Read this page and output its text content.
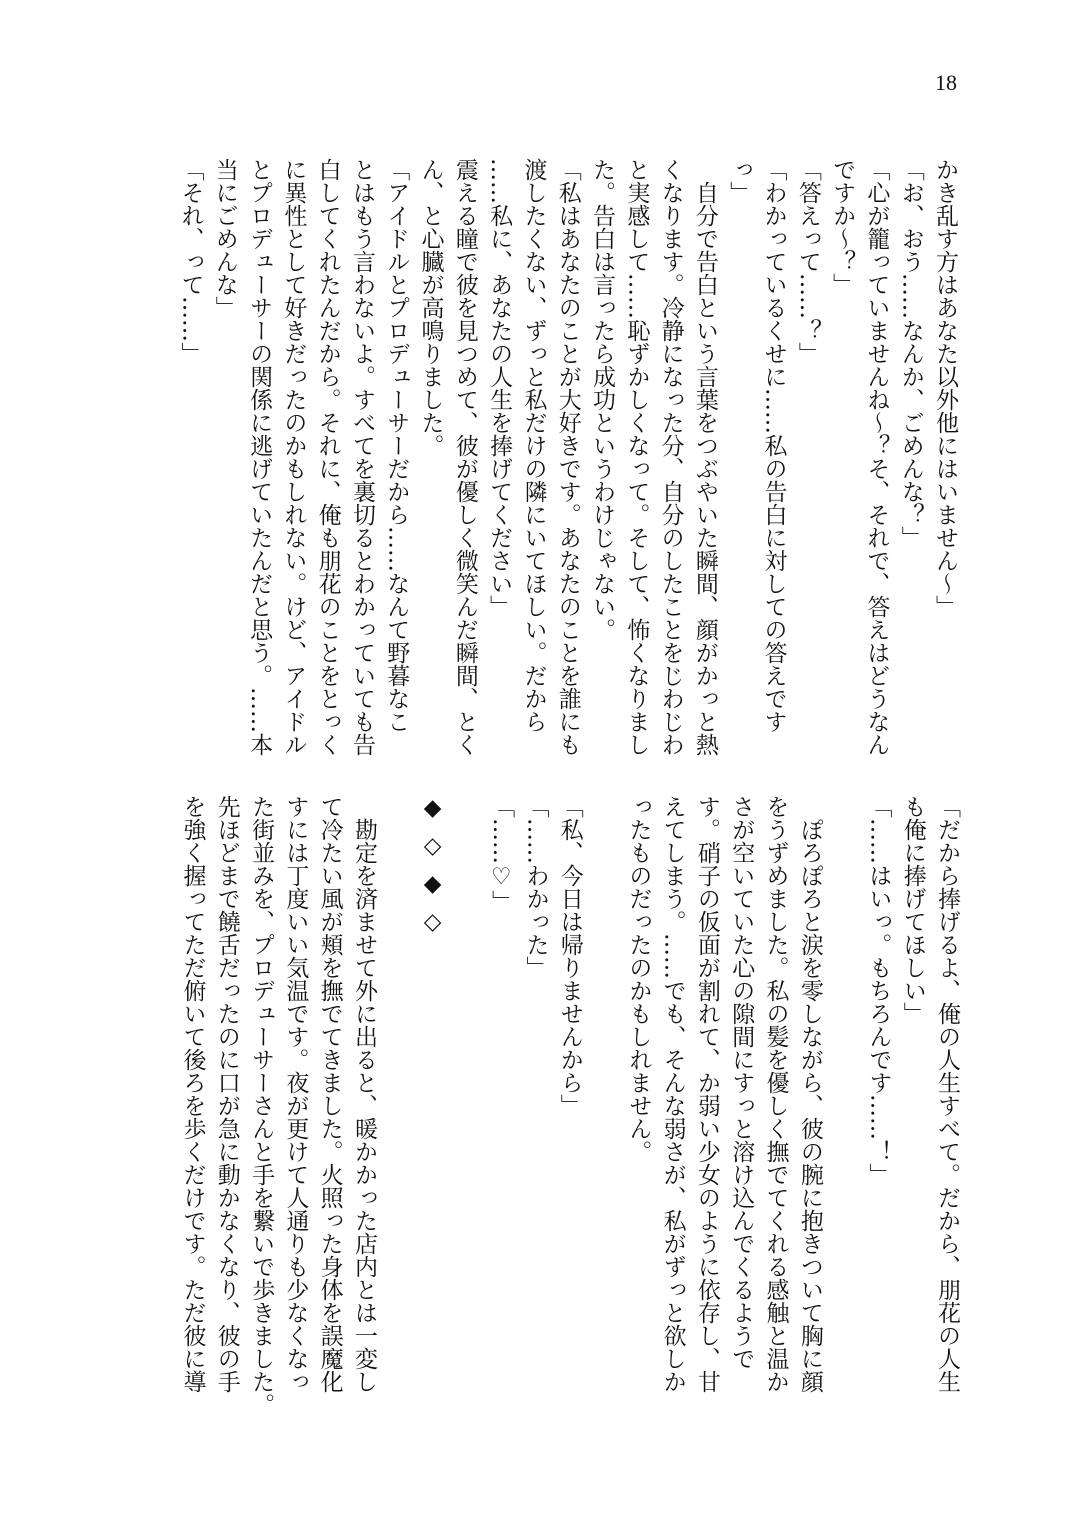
18
かき乱す方はあなた以外他にはいません～」
「お、おう……なんか、ごめんな？」
「心が籠っていませんね～？そ、それで、答えはどうなん
ですか～？」
「答えって……？」
「わかっているくせに……私の告白に対しての答えです
っ」
　自分で告白という言葉をつぶやいた瞬間、顔がかっと熱
くなります。冷静になった分、自分のしたことをじわじわ
と実感して……恥ずかしくなって。そして、怖くなりまし
た。告白は言ったら成功というわけじゃない。
「私はあなたのことが大好きです。あなたのことを誰にも
渡したくない、ずっと私だけの隣にいてほしい。だから
……私に、あなたの人生を捧げてください」
震える瞳で彼を見つめて、彼が優しく微笑んだ瞬間、とく
ん、と心臓が高鳴りました。
「アイドルとプロデューサーだから……なんて野暮なこ
とはもう言わないよ。すべてを裏切るとわかっていても告
白してくれたんだから。それに、俺も朋花のことをとっく
に異性として好きだったのかもしれない。けど、アイドル
とプロデューサーの関係に逃げていたんだと思う。……本
当にごめんな」
「それ、って……」
「だから捧げるよ、俺の人生すべて。だから、朋花の人生
も俺に捧げてほしい」
「……はいっ。もちろんです……！」

　ぽろぽろと涙を零しながら、彼の腕に抱きついて胸に顔
をうずめました。私の髪を優しく撫でてくれる感触と温か
さが空いていた心の隙間にすっと溶け込んでくるようで
す。硝子の仮面が割れて、か弱い少女のように依存し、甘
えてしまう。……でも、そんな弱さが、私がずっと欲しか
ったものだったのかもしれません。

「私、今日は帰りませんから」
「……わかった」
「……♡」

◆◇◆◇

　勘定を済ませて外に出ると、暖かかった店内とは一変し
て冷たい風が頬を撫でてきました。火照った身体を誤魔化
すには丁度いい気温です。夜が更けて人通りも少なくなっ
た街並みを、プロデューサーさんと手を繋いで歩きました。
先ほどまで饒舌だったのに口が急に動かなくなり、彼の手
を強く握ってただ俯いて後ろを歩くだけです。ただ彼に導
